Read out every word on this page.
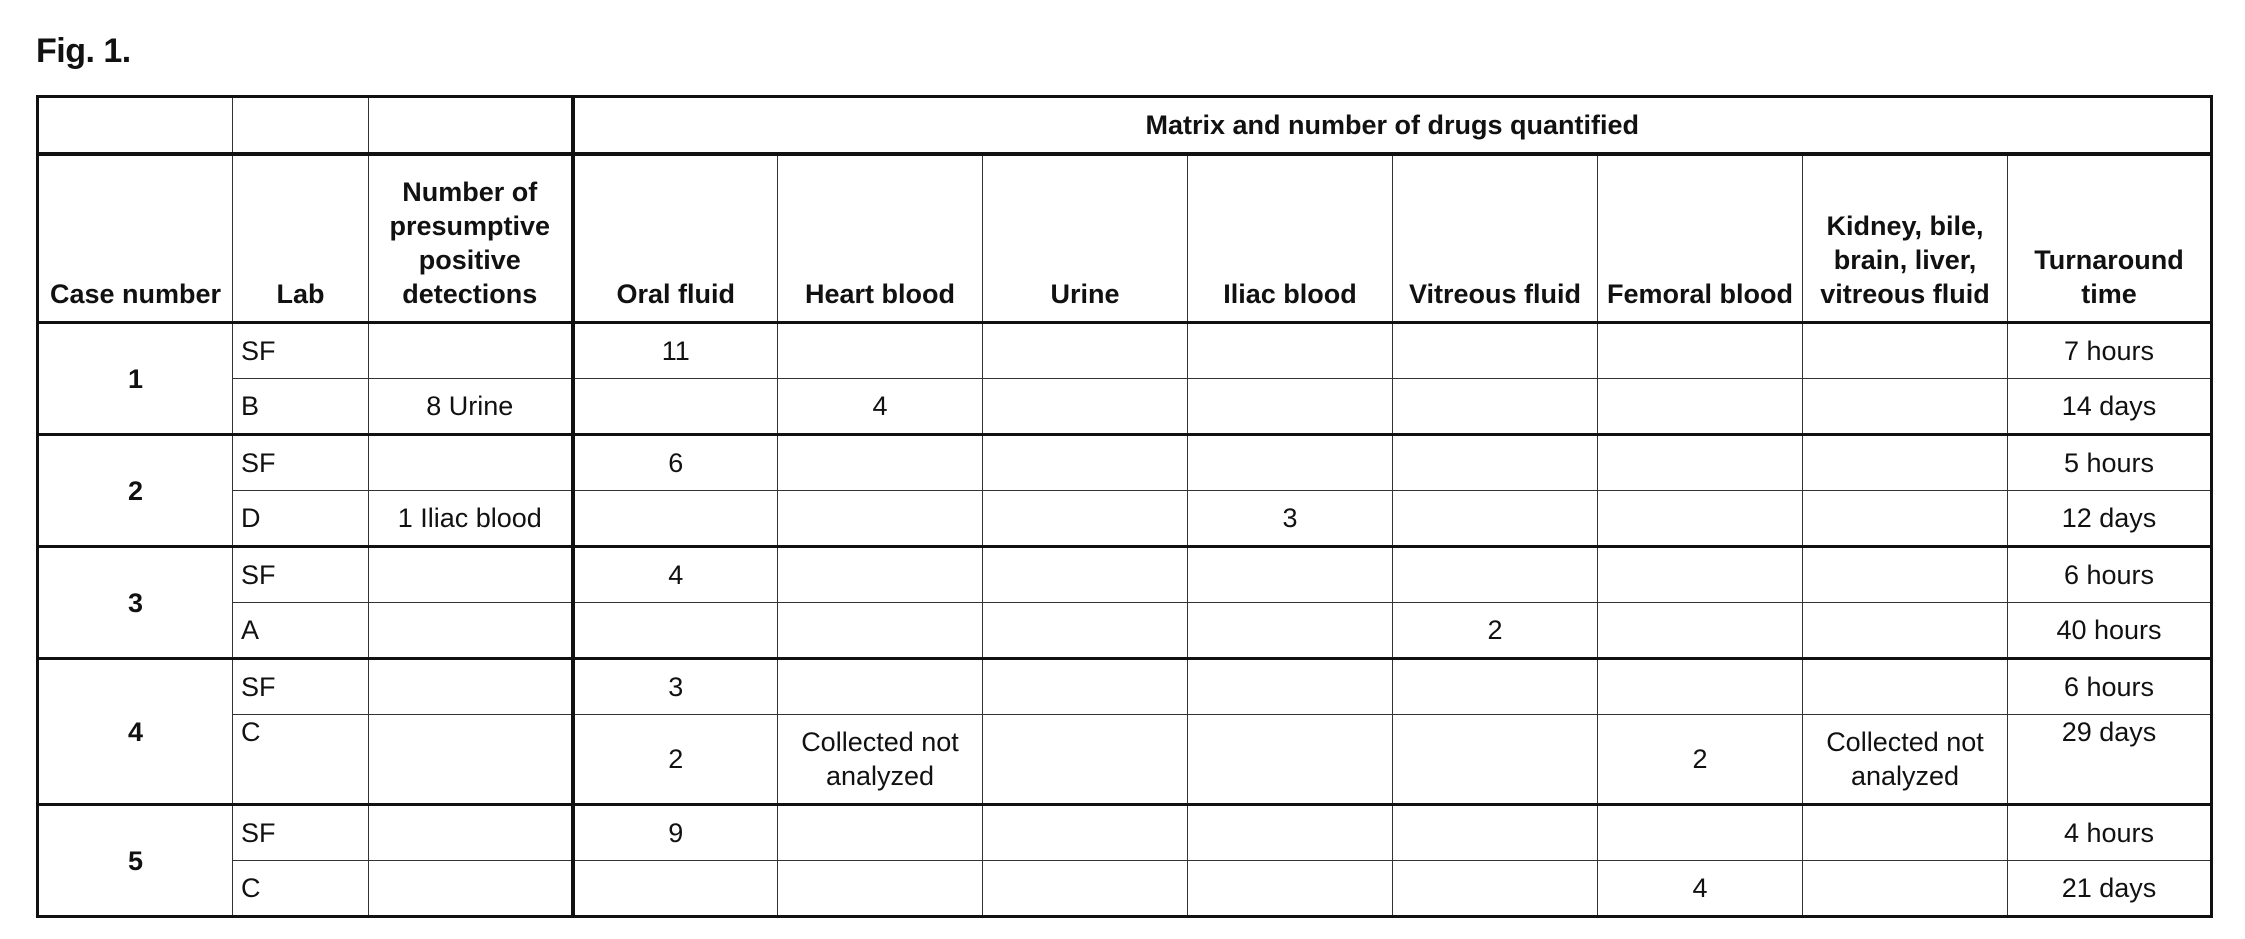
Fig. 1.
			Matrix and number of drugs quantified							
Case number	Lab	Number of presumptive positive detections	Oral fluid	Heart blood	Urine	Iliac blood	Vitreous fluid	Femoral blood	Kidney, bile, brain, liver, vitreous fluid	Turnaround time
1	SF		11							7 hours
	B	8 Urine		4						14 days
2	SF		6							5 hours
	D	1 Iliac blood				3				12 days
3	SF		4							6 hours
	A						2			40 hours
4	SF		3							6 hours
	C		2	Collected not analyzed				2	Collected not analyzed	29 days
5	SF		9							4 hours
	C							4		21 days
